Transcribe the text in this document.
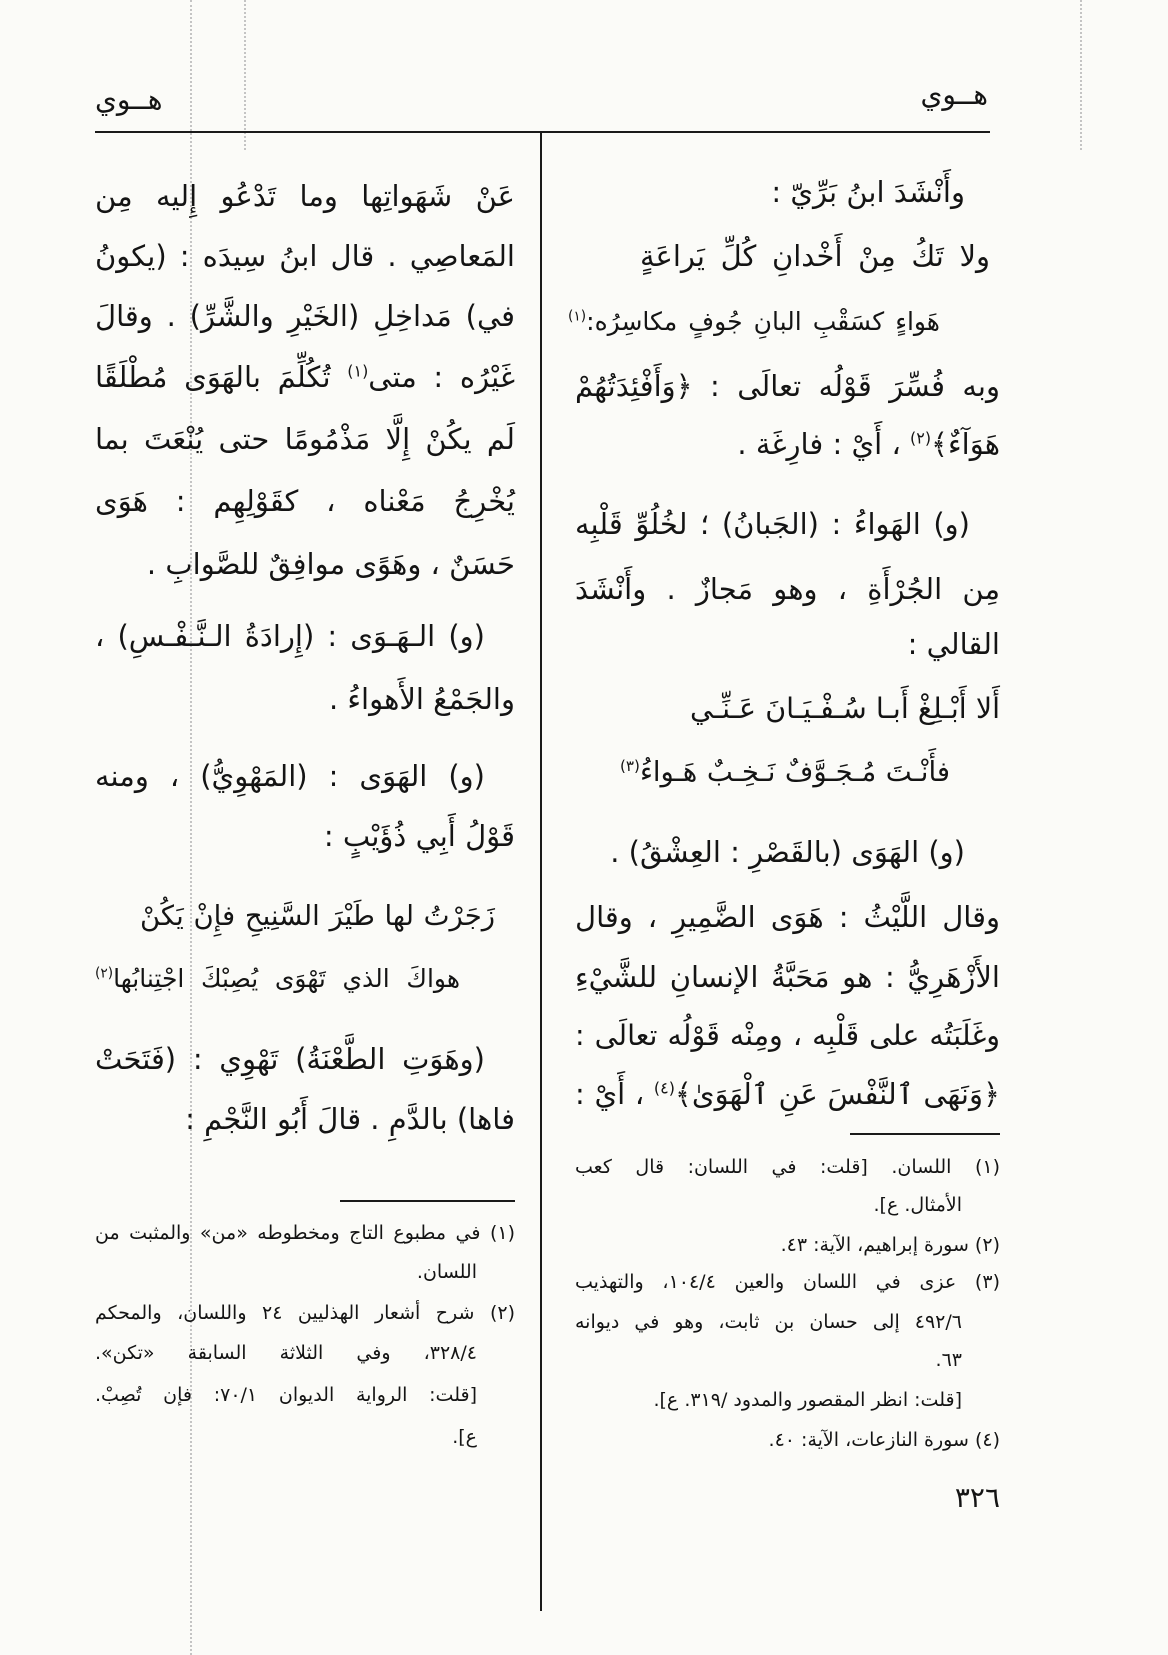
هــوي
هــوي
وأَنْشَدَ ابنُ بَرِّيّ :
ولا تَكُ مِنْ أَخْدانِ كُلِّ يَراعَةٍ
هَواءٍ كسَقْبِ البانِ جُوفٍ مكاسِرُه:$^{(١)}$
وبه فُسِّرَ قَوْلُه تعالَى : ﴿وَأَفْئِدَتُهُمْ
هَوَآءٌ﴾$^{(٢)}$ ، أَيْ : فارِغَة .
(و) الهَواءُ : (الجَبانُ) ؛ لخُلُوِّ قَلْبِه
مِن الجُرْأَةِ ، وهو مَجازٌ . وأَنْشَدَ
القالي :
أَلا أَبْـلِغْ أَبـا سُـفْـيَـانَ عَـنِّـي
فأَنْـتَ مُـجَـوَّفٌ نَـخِـبٌ هَـواءُ$^{(٣)}$
(و) الهَوَى (بالقَصْرِ : العِشْقُ) .
وقال اللَّيْثُ : هَوَى الضَّمِيرِ ، وقال
الأَزْهَرِيُّ : هو مَحَبَّةُ الإنسانِ للشَّيْءِ
وغَلَبَتُه على قَلْبِه ، ومِنْه قَوْلُه تعالَى :
﴿وَنَهَى ٱلنَّفْسَ عَنِ ٱلْهَوَىٰ﴾$^{(٤)}$ ، أَيْ :
(١) اللسان. [قلت: في اللسان: قال كعب
الأمثال. ع].
(٢) سورة إبراهيم، الآية: ٤٣.
(٣) عزى في اللسان والعين ١٠٤/٤، والتهذيب
٤٩٢/٦ إلى حسان بن ثابت، وهو في ديوانه
٦٣.
[قلت: انظر المقصور والمدود /٣١٩. ع].
(٤) سورة النازعات، الآية: ٤٠.
٣٢٦
عَنْ شَهَواتِها وما تَدْعُو إِليه مِن
المَعاصِي . قال ابنُ سِيدَه : (يكونُ
في) مَداخِلِ (الخَيْرِ والشَّرِّ) . وقالَ
غَيْرُه : متى$^{(١)}$ تُكُلِّمَ بالهَوَى مُطْلَقًا
لَم يكُنْ إِلَّا مَذْمُومًا حتى يُنْعَتَ بما
يُخْرِجُ مَعْناه ، كقَوْلِهِم : هَوَى
حَسَنٌ ، وهَوًى موافِقٌ للصَّوابِ .
(و) الـهَـوَى : (إِرادَةُ الـنَّـفْـسِ) ،
والجَمْعُ الأَهواءُ .
(و) الهَوَى : (المَهْوِيُّ) ، ومنه
قَوْلُ أَبِي ذُؤَيْبٍ :
زَجَرْتُ لها طَيْرَ السَّنِيحِ فإِنْ يَكُنْ
هواكَ الذي تَهْوَى يُصِبْكَ اجْتِنابُها$^{(٢)}$
(وهَوَتِ الطَّعْنَةُ) تَهْوِي : (فَتَحَتْ
فاها) بالدَّمِ . قالَ أَبُو النَّجْمِ :
(١) في مطبوع التاج ومخطوطه «من» والمثبت من
اللسان.
(٢) شرح أشعار الهذليين ٢٤ واللسان، والمحكم
٣٢٨/٤، وفي الثلاثة السابقة «تكن».
[قلت: الرواية الديوان ٧٠/١: فإن تُصِبْ.
ع].
